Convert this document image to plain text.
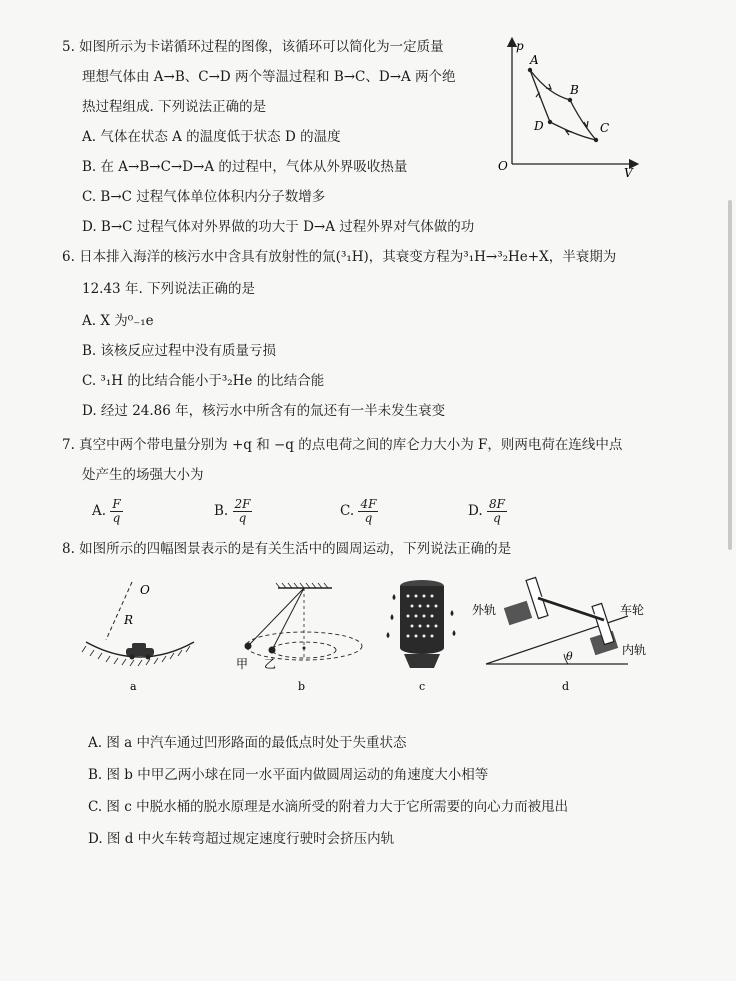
5. 如图所示为卡诺循环过程的图像，该循环可以简化为一定质量
理想气体由 A→B、C→D 两个等温过程和 B→C、D→A 两个绝
热过程组成. 下列说法正确的是
A. 气体在状态 A 的温度低于状态 D 的温度
B. 在 A→B→C→D→A 的过程中，气体从外界吸收热量
C. B→C 过程气体单位体积内分子数增多
D. B→C 过程气体对外界做的功大于 D→A 过程外界对气体做的功
p
V
O
A
B
C
D
6. 日本排入海洋的核污水中含具有放射性的氚(³₁H)，其衰变方程为³₁H→³₂He+X，半衰期为
12.43 年. 下列说法正确的是
A. X 为⁰₋₁e
B. 该核反应过程中没有质量亏损
C. ³₁H 的比结合能小于³₂He 的比结合能
D. 经过 24.86 年，核污水中所含有的氚还有一半未发生衰变
7. 真空中两个带电量分别为 +q 和 −q 的点电荷之间的库仑力大小为 F，则两电荷在连线中点
处产生的场强大小为
A. $\frac{F}{q}$	B. $\frac{2F}{q}$	C. $\frac{4F}{q}$	D. $\frac{8F}{q}$
8. 如图所示的四幅图景表示的是有关生活中的圆周运动，下列说法正确的是
O
R
a
甲 乙
b	c
θ
车轮
外轨
内轨
d
A. 图 a 中汽车通过凹形路面的最低点时处于失重状态
B. 图 b 中甲乙两小球在同一水平面内做圆周运动的角速度大小相等
C. 图 c 中脱水桶的脱水原理是水滴所受的附着力大于它所需要的向心力而被甩出
D. 图 d 中火车转弯超过规定速度行驶时会挤压内轨
